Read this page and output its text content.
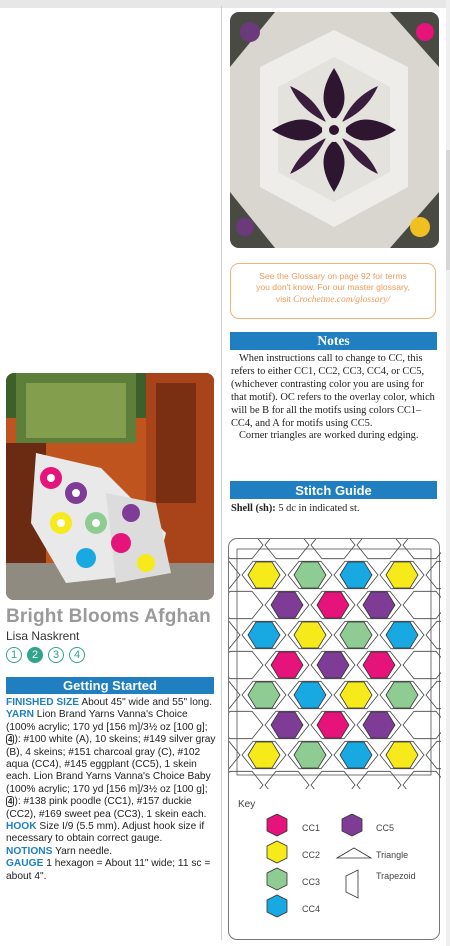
Bright Blooms Afghan
Lisa Naskrent
1	2	3	4
Getting Started

FINISHED SIZE About 45" wide and 55" long.

YARN Lion Brand Yarns Vanna's Choice (100% acrylic; 170 yd [156 m]/3½ oz [100 g]; 4 ): #100 white (A), 10 skeins; #149 silver gray (B), 4 skeins; #151 charcoal gray (C), #102 aqua (CC4), #145 eggplant (CC5), 1 skein each. Lion Brand Yarns Vanna's Choice Baby (100% acrylic; 170 yd [156 m]/3½ oz [100 g]; 4 ): #138 pink poodle (CC1), #157 duckie (CC2), #169 sweet pea (CC3), 1 skein each.

HOOK Size I/9 (5.5 mm). Adjust hook size if necessary to obtain correct gauge.

NOTIONS Yarn needle.

GAUGE 1 hexagon = About 11" wide; 11 sc = about 4".

See the Glossary on page 92 for terms
you don't know. For our master glossary,
visit Crochetme.com/glossary/
Notes

When instructions call to change to CC, this refers to either CC1, CC2, CC3, CC4, or CC5, (whichever contrasting color you are using for that motif). OC refers to the overlay color, which will be B for all the motifs using colors CC1–CC4, and A for motifs using CC5.

Corner triangles are worked during edging.

Stitch Guide
Shell (sh): 5 dc in indicated st.
Key
CC1
CC2
CC3
CC4
CC5
Triangle
Trapezoid
